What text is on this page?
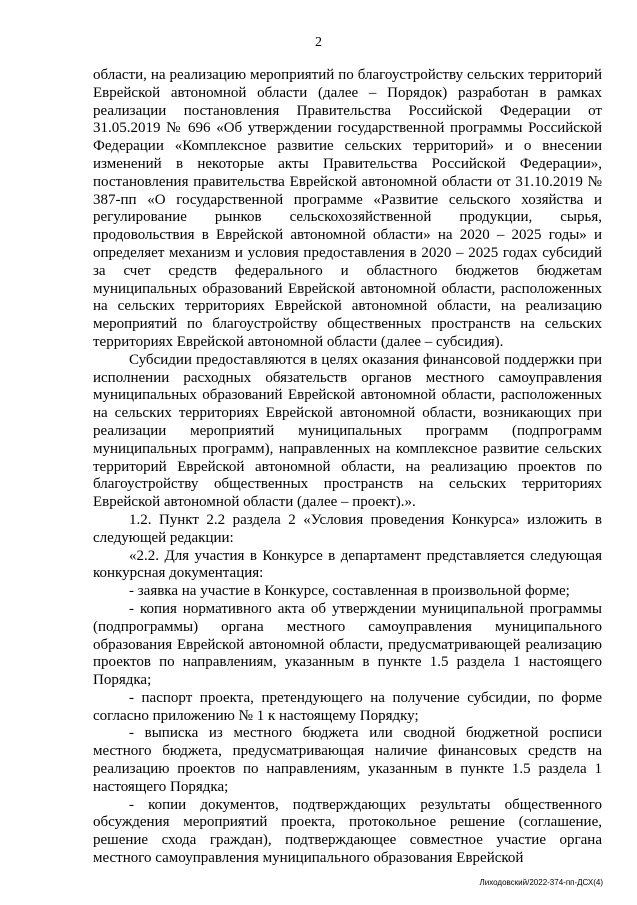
2

области, на реализацию мероприятий по благоустройству сельских территорий Еврейской автономной области (далее – Порядок) разработан в рамках реализации постановления Правительства Российской Федерации от 31.05.2019 № 696 «Об утверждении государственной программы Российской Федерации «Комплексное развитие сельских территорий» и о внесении изменений в некоторые акты Правительства Российской Федерации», постановления правительства Еврейской автономной области от 31.10.2019 № 387-пп «О государственной программе «Развитие сельского хозяйства и регулирование рынков сельскохозяйственной продукции, сырья, продовольствия в Еврейской автономной области» на 2020 – 2025 годы» и определяет механизм и условия предоставления в 2020 – 2025 годах субсидий за счет средств федерального и областного бюджетов бюджетам муниципальных образований Еврейской автономной области, расположенных на сельских территориях Еврейской автономной области, на реализацию мероприятий по благоустройству общественных пространств на сельских территориях Еврейской автономной области (далее – субсидия).

Субсидии предоставляются в целях оказания финансовой поддержки при исполнении расходных обязательств органов местного самоуправления муниципальных образований Еврейской автономной области, расположенных на сельских территориях Еврейской автономной области, возникающих при реализации мероприятий муниципальных программ (подпрограмм муниципальных программ), направленных на комплексное развитие сельских территорий Еврейской автономной области, на реализацию проектов по благоустройству общественных пространств на сельских территориях Еврейской автономной области (далее – проект).».

1.2. Пункт 2.2 раздела 2 «Условия проведения Конкурса» изложить в следующей редакции:

«2.2. Для участия в Конкурсе в департамент представляется следующая конкурсная документация:

- заявка на участие в Конкурсе, составленная в произвольной форме;

- копия нормативного акта об утверждении муниципальной программы (подпрограммы) органа местного самоуправления муниципального образования Еврейской автономной области, предусматривающей реализацию проектов по направлениям, указанным в пункте 1.5 раздела 1 настоящего Порядка;

- паспорт проекта, претендующего на получение субсидии, по форме согласно приложению № 1 к настоящему Порядку;

- выписка из местного бюджета или сводной бюджетной росписи местного бюджета, предусматривающая наличие финансовых средств на реализацию проектов по направлениям, указанным в пункте 1.5 раздела 1 настоящего Порядка;

- копии документов, подтверждающих результаты общественного обсуждения мероприятий проекта, протокольное решение (соглашение, решение схода граждан), подтверждающее совместное участие органа местного самоуправления муниципального образования Еврейской

Лиходовский/2022-374-пп-ДСХ(4)
